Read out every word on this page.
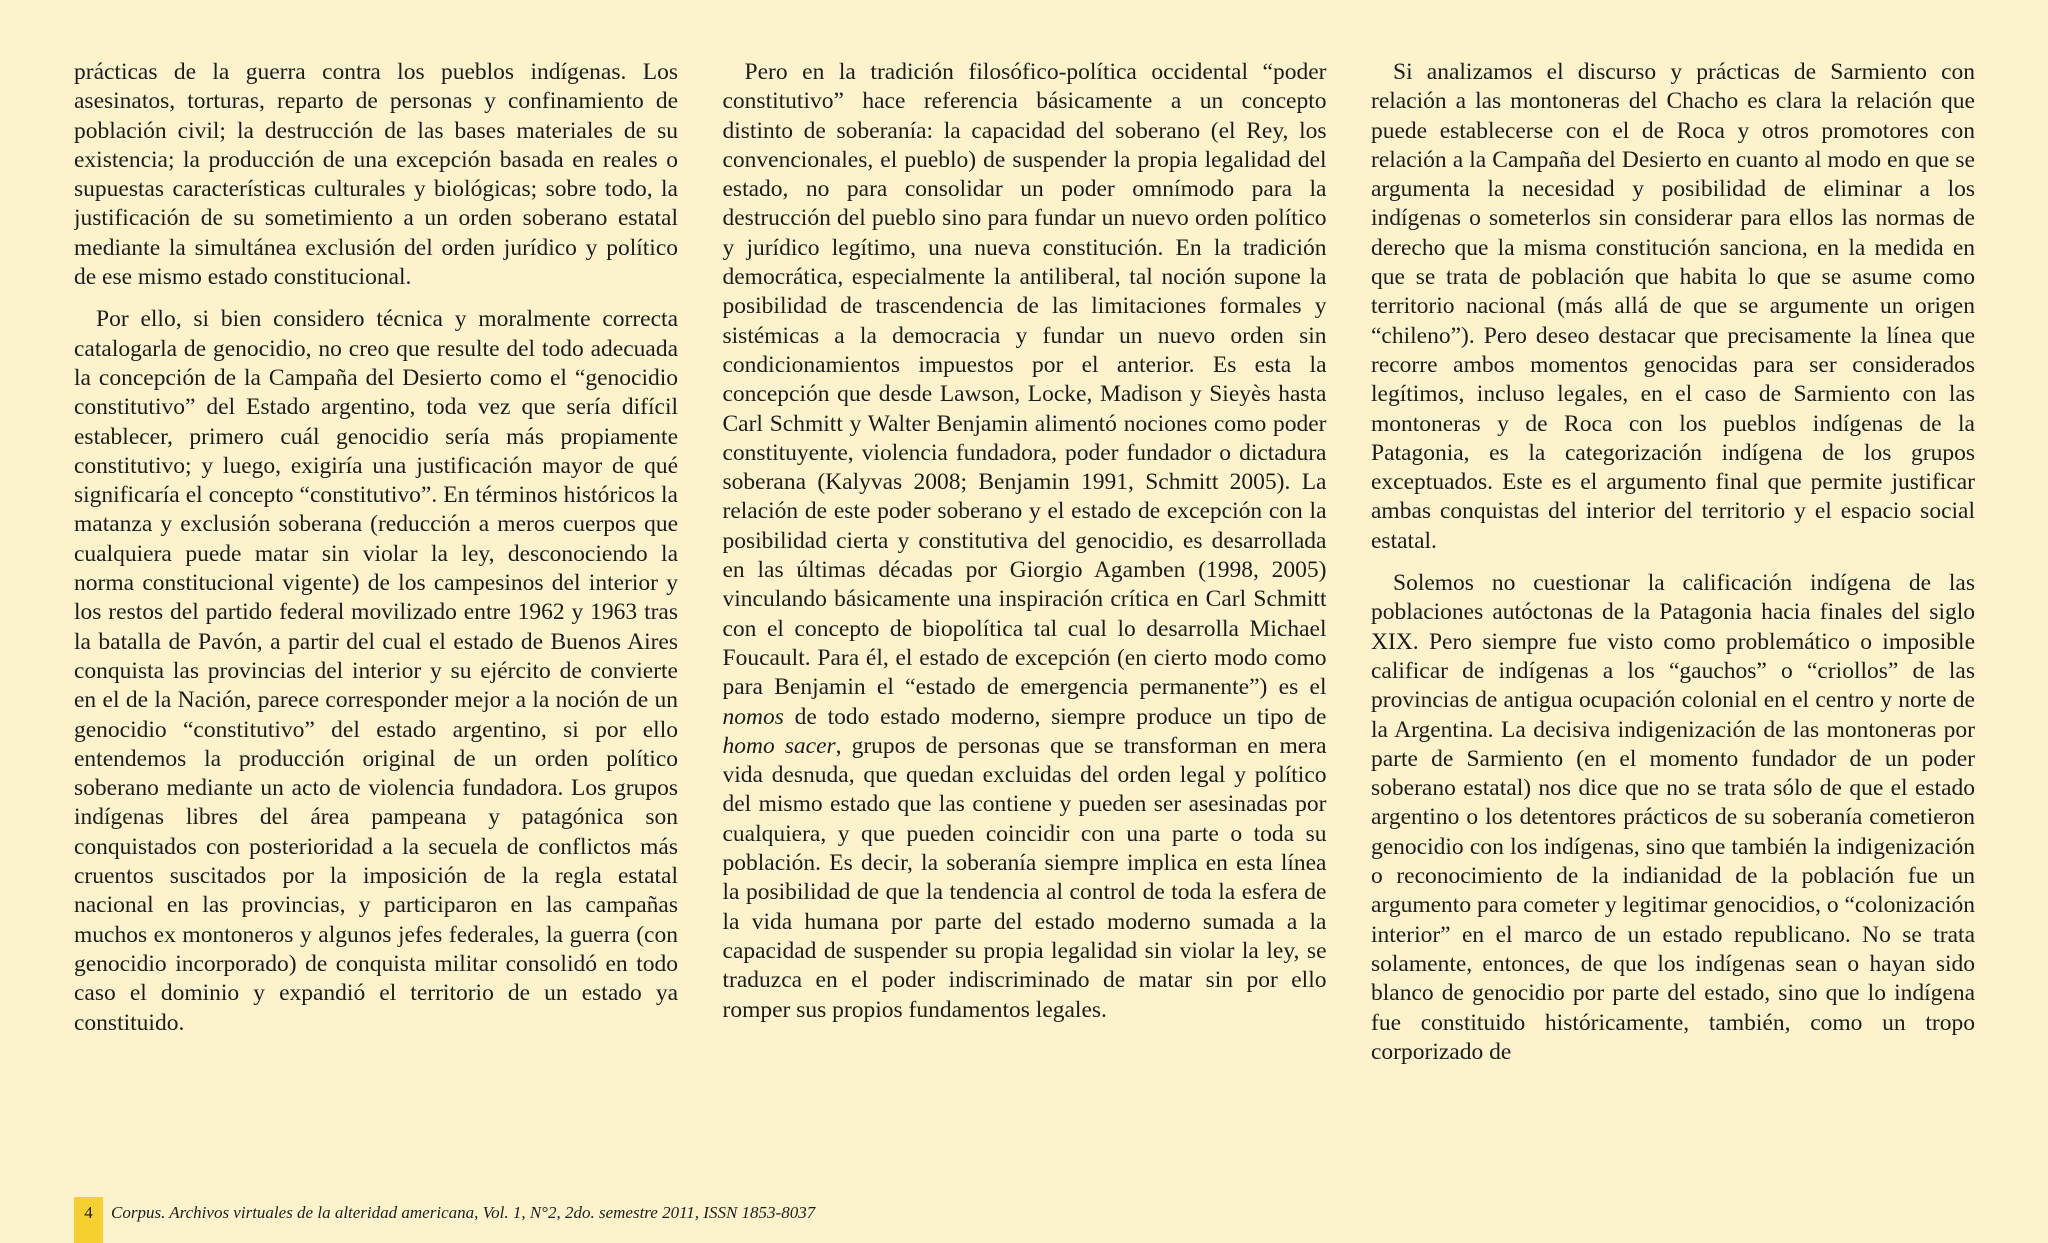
prácticas de la guerra contra los pueblos indígenas. Los asesinatos, torturas, reparto de personas y confinamiento de población civil; la destrucción de las bases materiales de su existencia; la producción de una excepción basada en reales o supuestas características culturales y biológicas; sobre todo, la justificación de su sometimiento a un orden soberano estatal mediante la simultánea exclusión del orden jurídico y político de ese mismo estado constitucional.

Por ello, si bien considero técnica y moralmente correcta catalogarla de genocidio, no creo que resulte del todo adecuada la concepción de la Campaña del Desierto como el “genocidio constitutivo” del Estado argentino, toda vez que sería difícil establecer, primero cuál genocidio sería más propiamente constitutivo; y luego, exigiría una justificación mayor de qué significaría el concepto “constitutivo”. En términos históricos la matanza y exclusión soberana (reducción a meros cuerpos que cualquiera puede matar sin violar la ley, desconociendo la norma constitucional vigente) de los campesinos del interior y los restos del partido federal movilizado entre 1962 y 1963 tras la batalla de Pavón, a partir del cual el estado de Buenos Aires conquista las provincias del interior y su ejército de convierte en el de la Nación, parece corresponder mejor a la noción de un genocidio “constitutivo” del estado argentino, si por ello entendemos la producción original de un orden político soberano mediante un acto de violencia fundadora. Los grupos indígenas libres del área pampeana y patagónica son conquistados con posterioridad a la secuela de conflictos más cruentos suscitados por la imposición de la regla estatal nacional en las provincias, y participaron en las campañas muchos ex montoneros y algunos jefes federales, la guerra (con genocidio incorporado) de conquista militar consolidó en todo caso el dominio y expandió el territorio de un estado ya constituido.

Pero en la tradición filosófico-política occidental “poder constitutivo” hace referencia básicamente a un concepto distinto de soberanía: la capacidad del soberano (el Rey, los convencionales, el pueblo) de suspender la propia legalidad del estado, no para consolidar un poder omnímodo para la destrucción del pueblo sino para fundar un nuevo orden político y jurídico legítimo, una nueva constitución. En la tradición democrática, especialmente la antiliberal, tal noción supone la posibilidad de trascendencia de las limitaciones formales y sistémicas a la democracia y fundar un nuevo orden sin condicionamientos impuestos por el anterior. Es esta la concepción que desde Lawson, Locke, Madison y Sieyès hasta Carl Schmitt y Walter Benjamin alimentó nociones como poder constituyente, violencia fundadora, poder fundador o dictadura soberana (Kalyvas 2008; Benjamin 1991, Schmitt 2005). La relación de este poder soberano y el estado de excepción con la posibilidad cierta y constitutiva del genocidio, es desarrollada en las últimas décadas por Giorgio Agamben (1998, 2005) vinculando básicamente una inspiración crítica en Carl Schmitt con el concepto de biopolítica tal cual lo desarrolla Michael Foucault. Para él, el estado de excepción (en cierto modo como para Benjamin el “estado de emergencia permanente”) es el nomos de todo estado moderno, siempre produce un tipo de homo sacer, grupos de personas que se transforman en mera vida desnuda, que quedan excluidas del orden legal y político del mismo estado que las contiene y pueden ser asesinadas por cualquiera, y que pueden coincidir con una parte o toda su población. Es decir, la soberanía siempre implica en esta línea la posibilidad de que la tendencia al control de toda la esfera de la vida humana por parte del estado moderno sumada a la capacidad de suspender su propia legalidad sin violar la ley, se traduzca en el poder indiscriminado de matar sin por ello romper sus propios fundamentos legales.

Si analizamos el discurso y prácticas de Sarmiento con relación a las montoneras del Chacho es clara la relación que puede establecerse con el de Roca y otros promotores con relación a la Campaña del Desierto en cuanto al modo en que se argumenta la necesidad y posibilidad de eliminar a los indígenas o someterlos sin considerar para ellos las normas de derecho que la misma constitución sanciona, en la medida en que se trata de población que habita lo que se asume como territorio nacional (más allá de que se argumente un origen “chileno”). Pero deseo destacar que precisamente la línea que recorre ambos momentos genocidas para ser considerados legítimos, incluso legales, en el caso de Sarmiento con las montoneras y de Roca con los pueblos indígenas de la Patagonia, es la categorización indígena de los grupos exceptuados. Este es el argumento final que permite justificar ambas conquistas del interior del territorio y el espacio social estatal.

Solemos no cuestionar la calificación indígena de las poblaciones autóctonas de la Patagonia hacia finales del siglo XIX. Pero siempre fue visto como problemático o imposible calificar de indígenas a los “gauchos” o “criollos” de las provincias de antigua ocupación colonial en el centro y norte de la Argentina. La decisiva indigenización de las montoneras por parte de Sarmiento (en el momento fundador de un poder soberano estatal) nos dice que no se trata sólo de que el estado argentino o los detentores prácticos de su soberanía cometieron genocidio con los indígenas, sino que también la indigenización o reconocimiento de la indianidad de la población fue un argumento para cometer y legitimar genocidios, o “colonización interior” en el marco de un estado republicano. No se trata solamente, entonces, de que los indígenas sean o hayan sido blanco de genocidio por parte del estado, sino que lo indígena fue constituido históricamente, también, como un tropo corporizado de

4 Corpus. Archivos virtuales de la alteridad americana, Vol. 1, N°2, 2do. semestre 2011, ISSN 1853-8037
